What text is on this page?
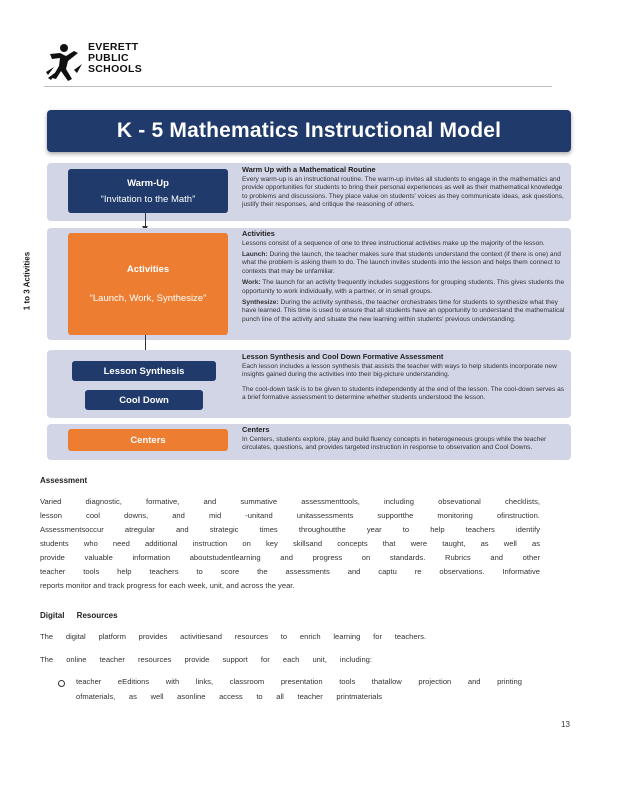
EVERETT
PUBLIC
SCHOOLS
K - 5 Mathematics Instructional Model
1 to 3 Activities
Warm-Up
“Invitation to the Math”
Warm Up with a Mathematical Routine

Every warm-up is an instructional routine. The warm-up invites all students to engage in the mathematics and provide opportunities for students to bring their personal experiences as well as their mathematical knowledge to problems and discussions. They place value on students' voices as they communicate ideas, ask questions, justify their responses, and critique the reasoning of others.

Activities
“Launch, Work, Synthesize”
Activities

Lessons consist of a sequence of one to three instructional activities make up the majority of the lesson.

Launch: During the launch, the teacher makes sure that students understand the context (if there is one) and what the problem is asking them to do. The launch invites students into the lesson and helps them connect to contexts that may be unfamiliar.

Work: The launch for an activity frequently includes suggestions for grouping students. This gives students the opportunity to work individually, with a partner, or in small groups.

Synthesize: During the activity synthesis, the teacher orchestrates time for students to synthesize what they have learned. This time is used to ensure that all students have an opportunity to understand the mathematical punch line of the activity and situate the new learning within students' previous understanding.

Lesson Synthesis
Cool Down
Lesson Synthesis and Cool Down Formative Assessment

Each lesson includes a lesson synthesis that assists the teacher with ways to help students incorporate new insights gained during the activities into their big-picture understanding.

The cool-down task is to be given to students independently at the end of the lesson. The cool-down serves as a brief formative assessment to determine whether students understood the lesson.

Centers
Centers

In Centers, students explore, play and build fluency concepts in heterogeneous groups while the teacher circulates, questions, and provides targeted instruction in response to observation and Cool Downs.

Assessment

Varied diagnostic, formative, and summative assessmenttools, including obsevational checklists,

lesson cool downs, and mid -unitand unitassessments supportthe monitoring ofinstruction.

Assessmentsoccur atregular and strategic times throughoutthe year to help teachers identify

students who need additional instruction on key skillsand concepts that were taught, as well as

provide valuable information aboutstudentlearning and progress on standards. Rubrics and other

teacher tools help teachers to score the assessments and captu re observations. Informative

reports monitor and track progress for each week, unit, and across the year.

Digital Resources

The digital platform provides activitiesand resources to enrich learning for teachers.

The online teacher resources provide support for each unit, including:

teacher eEditions with links, classroom presentation tools thatallow projection and printing

ofmaterials, as well asonline access to all teacher printmaterials

13
